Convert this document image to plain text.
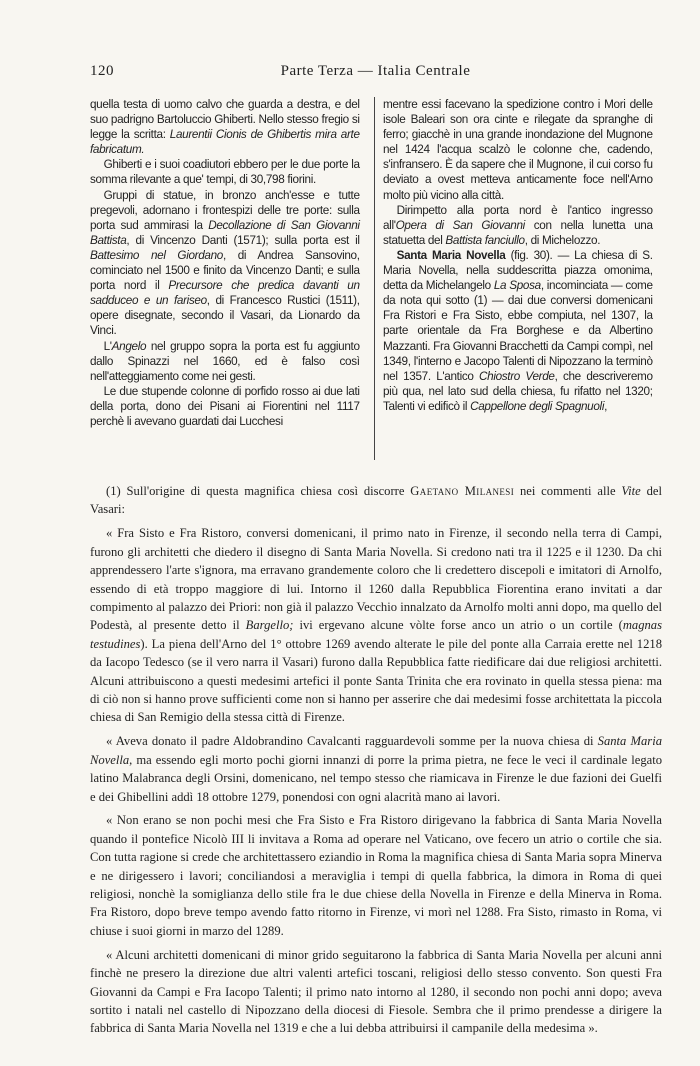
120	Parte Terza — Italia Centrale

quella testa di uomo calvo che guarda a destra, e del suo padrigno Bartoluccio Ghiberti. Nello stesso fregio si legge la scritta: Laurentii Cionis de Ghibertis mira arte fabricatum.

Ghiberti e i suoi coadiutori ebbero per le due porte la somma rilevante a que' tempi, di 30,798 fiorini.

Gruppi di statue, in bronzo anch'esse e tutte pregevoli, adornano i frontespizi delle tre porte: sulla porta sud ammirasi la Decollazione di San Giovanni Battista, di Vincenzo Danti (1571); sulla porta est il Battesimo nel Giordano, di Andrea Sansovino, cominciato nel 1500 e finito da Vincenzo Danti; e sulla porta nord il Precursore che predica davanti un sadduceo e un fariseo, di Francesco Rustici (1511), opere disegnate, secondo il Vasari, da Lionardo da Vinci.

L'Angelo nel gruppo sopra la porta est fu aggiunto dallo Spinazzi nel 1660, ed è falso così nell'atteggiamento come nei gesti.

Le due stupende colonne di porfido rosso ai due lati della porta, dono dei Pisani ai Fiorentini nel 1117 perchè li avevano guardati dai Lucchesi

mentre essi facevano la spedizione contro i Mori delle isole Baleari son ora cinte e rilegate da spranghe di ferro; giacchè in una grande inondazione del Mugnone nel 1424 l'acqua scalzò le colonne che, cadendo, s'infransero. È da sapere che il Mugnone, il cui corso fu deviato a ovest metteva anticamente foce nell'Arno molto più vicino alla città.

Dirimpetto alla porta nord è l'antico ingresso all'Opera di San Giovanni con nella lunetta una statuetta del Battista fanciullo, di Michelozzo.

Santa Maria Novella (fig. 30). — La chiesa di S. Maria Novella, nella suddescritta piazza omonima, detta da Michelangelo La Sposa, incominciata — come da nota qui sotto (1) — dai due conversi domenicani Fra Ristori e Fra Sisto, ebbe compiuta, nel 1307, la parte orientale da Fra Borghese e da Albertino Mazzanti. Fra Giovanni Bracchetti da Campi compì, nel 1349, l'interno e Jacopo Talenti di Nipozzano la terminò nel 1357. L'antico Chiostro Verde, che descriveremo più qua, nel lato sud della chiesa, fu rifatto nel 1320; Talenti vi edificò il Cappellone degli Spagnuoli,

(1) Sull'origine di questa magnifica chiesa così discorre Gaetano Milanesi nei commenti alle Vite del Vasari:

« Fra Sisto e Fra Ristoro, conversi domenicani, il primo nato in Firenze, il secondo nella terra di Campi, furono gli architetti che diedero il disegno di Santa Maria Novella. Si credono nati tra il 1225 e il 1230. Da chi apprendessero l'arte s'ignora, ma erravano grandemente coloro che li credettero discepoli e imitatori di Arnolfo, essendo di età troppo maggiore di lui. Intorno il 1260 dalla Repubblica Fiorentina erano invitati a dar compimento al palazzo dei Priori: non già il palazzo Vecchio innalzato da Arnolfo molti anni dopo, ma quello del Podestà, al presente detto il Bargello; ivi ergevano alcune vòlte forse anco un atrio o un cortile (magnas testudines). La piena dell'Arno del 1° ottobre 1269 avendo alterate le pile del ponte alla Carraia erette nel 1218 da Iacopo Tedesco (se il vero narra il Vasari) furono dalla Repubblica fatte riedificare dai due religiosi architetti. Alcuni attribuiscono a questi medesimi artefici il ponte Santa Trinita che era rovinato in quella stessa piena: ma di ciò non si hanno prove sufficienti come non si hanno per asserire che dai medesimi fosse architettata la piccola chiesa di San Remigio della stessa città di Firenze.

« Aveva donato il padre Aldobrandino Cavalcanti ragguardevoli somme per la nuova chiesa di Santa Maria Novella, ma essendo egli morto pochi giorni innanzi di porre la prima pietra, ne fece le veci il cardinale legato latino Malabranca degli Orsini, domenicano, nel tempo stesso che riamicava in Firenze le due fazioni dei Guelfi e dei Ghibellini addì 18 ottobre 1279, ponendosi con ogni alacrità mano ai lavori.

« Non erano se non pochi mesi che Fra Sisto e Fra Ristoro dirigevano la fabbrica di Santa Maria Novella quando il pontefice Nicolò III li invitava a Roma ad operare nel Vaticano, ove fecero un atrio o cortile che sia. Con tutta ragione si crede che architettassero eziandio in Roma la magnifica chiesa di Santa Maria sopra Minerva e ne dirigessero i lavori; conciliandosi a meraviglia i tempi di quella fabbrica, la dimora in Roma di quei religiosi, nonchè la somiglianza dello stile fra le due chiese della Novella in Firenze e della Minerva in Roma. Fra Ristoro, dopo breve tempo avendo fatto ritorno in Firenze, vi morì nel 1288. Fra Sisto, rimasto in Roma, vi chiuse i suoi giorni in marzo del 1289.

« Alcuni architetti domenicani di minor grido seguitarono la fabbrica di Santa Maria Novella per alcuni anni finchè ne presero la direzione due altri valenti artefici toscani, religiosi dello stesso convento. Son questi Fra Giovanni da Campi e Fra Iacopo Talenti; il primo nato intorno al 1280, il secondo non pochi anni dopo; aveva sortito i natali nel castello di Nipozzano della diocesi di Fiesole. Sembra che il primo prendesse a dirigere la fabbrica di Santa Maria Novella nel 1319 e che a lui debba attribuirsi il campanile della medesima ».
